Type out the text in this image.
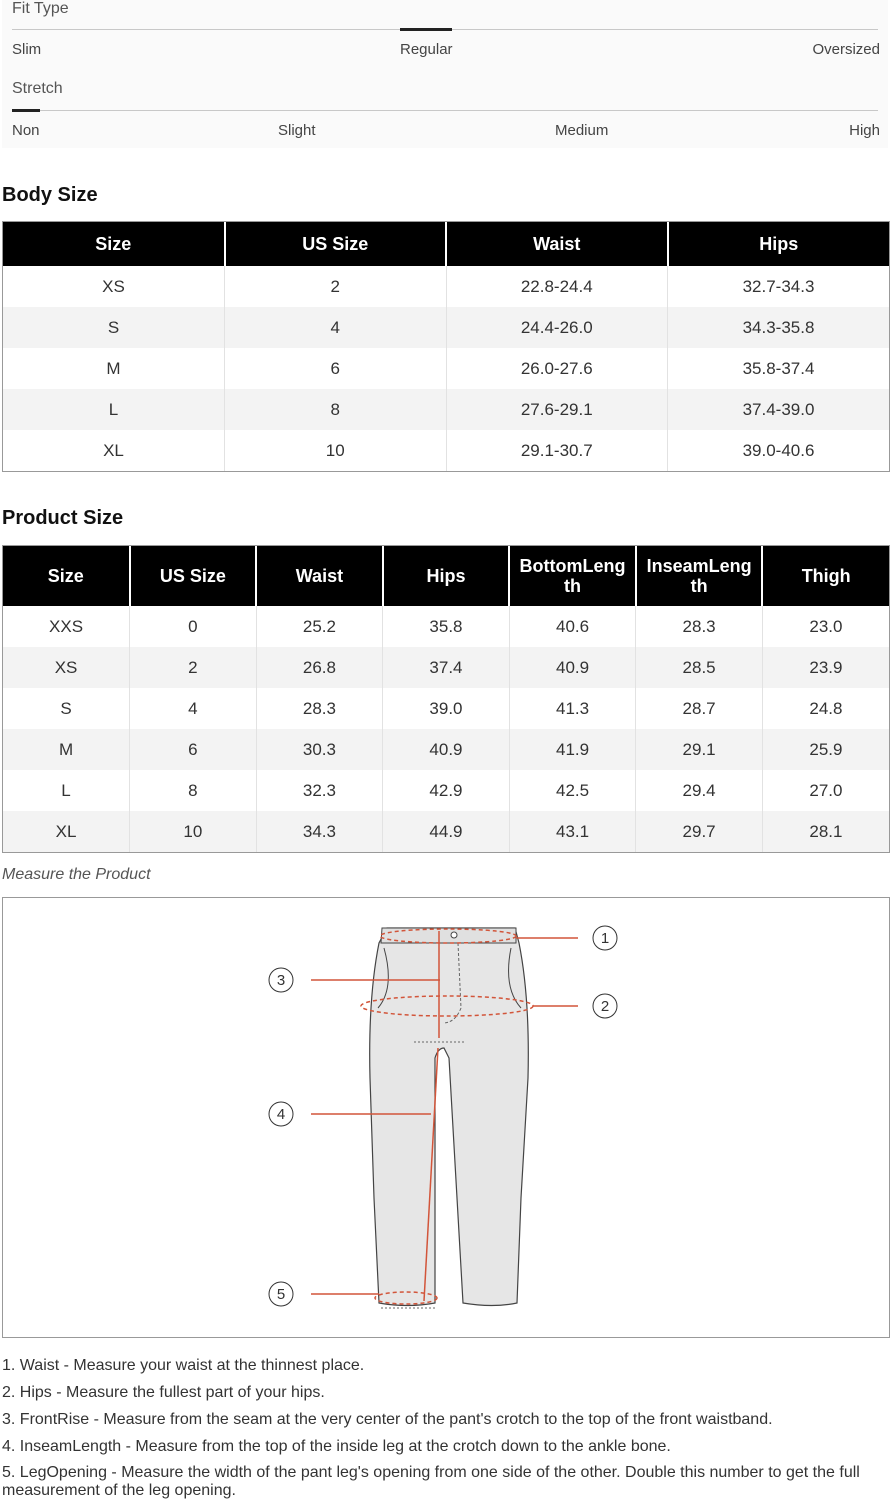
Fit Type
Slim	Regular	Oversized
Stretch
Non	Slight	Medium	High
Body Size
Size	US Size	Waist	Hips
XS	2	22.8-24.4	32.7-34.3
S	4	24.4-26.0	34.3-35.8
M	6	26.0-27.6	35.8-37.4
L	8	27.6-29.1	37.4-39.0
XL	10	29.1-30.7	39.0-40.6
Product Size
Size	US Size	Waist	Hips	BottomLength	InseamLength	Thigh
XXS	0	25.2	35.8	40.6	28.3	23.0
XS	2	26.8	37.4	40.9	28.5	23.9
S	4	28.3	39.0	41.3	28.7	24.8
M	6	30.3	40.9	41.9	29.1	25.9
L	8	32.3	42.9	42.5	29.4	27.0
XL	10	34.3	44.9	43.1	29.7	28.1
Measure the Product
1
2
3
4
5
1. Waist - Measure your waist at the thinnest place.
2. Hips - Measure the fullest part of your hips.
3. FrontRise - Measure from the seam at the very center of the pant's crotch to the top of the front waistband.
4. InseamLength - Measure from the top of the inside leg at the crotch down to the ankle bone.
5. LegOpening - Measure the width of the pant leg's opening from one side of the other. Double this number to get the full measurement of the leg opening.
